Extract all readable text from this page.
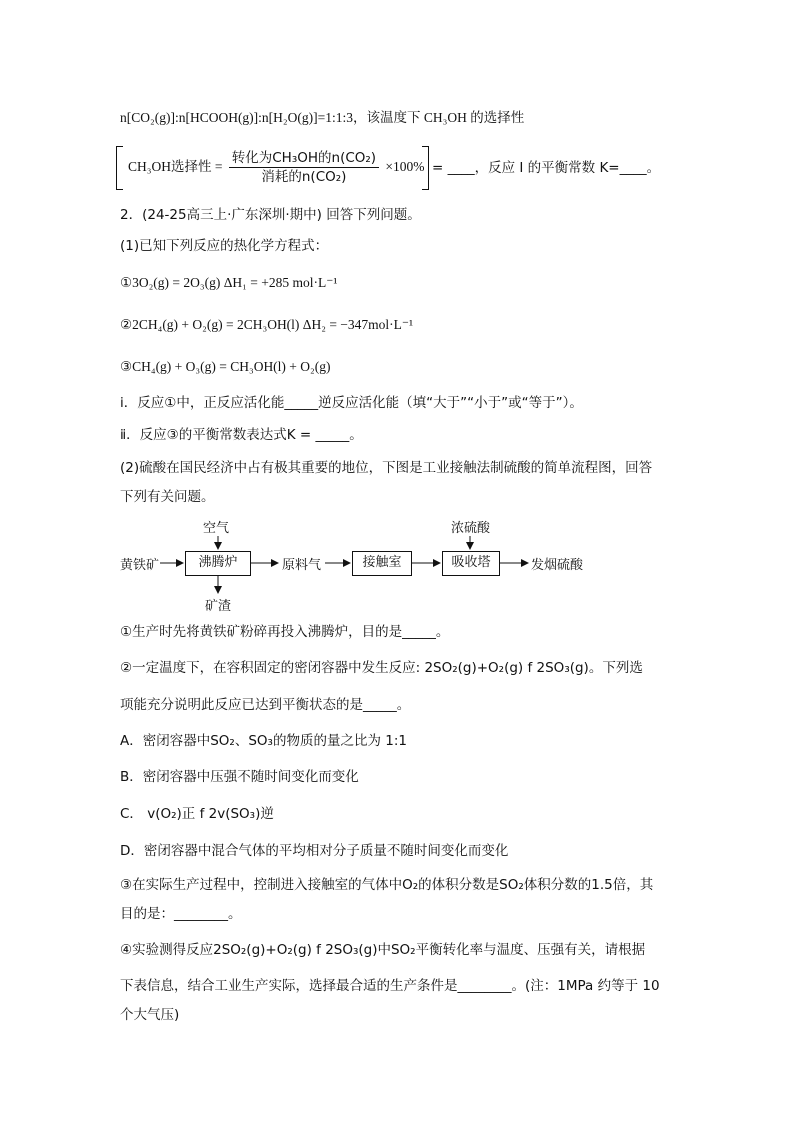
n[CO₂(g)]:n[HCOOH(g)]:n[H₂O(g)]=1:1:3，该温度下 CH₃OH 的选择性
CH₃OH选择性 = $\frac{\text{转化为CH₃OH的n(CO₂)}}{\text{消耗的n(CO₂)}} \times 100\%$ = ____，反应 I 的平衡常数 K=____。
2．(24-25高三上·广东深圳·期中) 回答下列问题。
(1)已知下列反应的热化学方程式：
①3O₂(g) = 2O₃(g) ΔH₁ = +285 mol·L⁻¹
②2CH₄(g) + O₂(g) = 2CH₃OH(l) ΔH₂ = −347mol·L⁻¹
③CH₄(g) + O₃(g) = CH₃OH(l) + O₂(g)
ⅰ．反应①中，正反应活化能_____逆反应活化能（填“大于”“小于”或“等于”）。
ⅱ．反应③的平衡常数表达式K = _____。
(2)硫酸在国民经济中占有极其重要的地位，下图是工业接触法制硫酸的简单流程图，回答
下列有关问题。
空气
黄铁矿	沸腾炉
矿渣
原料气	接触室
浓硫酸
吸收塔	发烟硫酸
①生产时先将黄铁矿粉碎再投入沸腾炉，目的是_____。
②一定温度下，在容积固定的密闭容器中发生反应: 2SO₂(g)+O₂(g) f 2SO₃(g)。下列选
项能充分说明此反应已达到平衡状态的是_____。
A．密闭容器中SO₂、SO₃的物质的量之比为 1:1
B．密闭容器中压强不随时间变化而变化
C． v(O₂)正 f 2v(SO₃)逆
D．密闭容器中混合气体的平均相对分子质量不随时间变化而变化
③在实际生产过程中，控制进入接触室的气体中O₂的体积分数是SO₂体积分数的1.5倍，其
目的是：________。
④实验测得反应2SO₂(g)+O₂(g) f 2SO₃(g)中SO₂平衡转化率与温度、压强有关，请根据
下表信息，结合工业生产实际，选择最合适的生产条件是________。(注：1MPa 约等于 10
个大气压)
